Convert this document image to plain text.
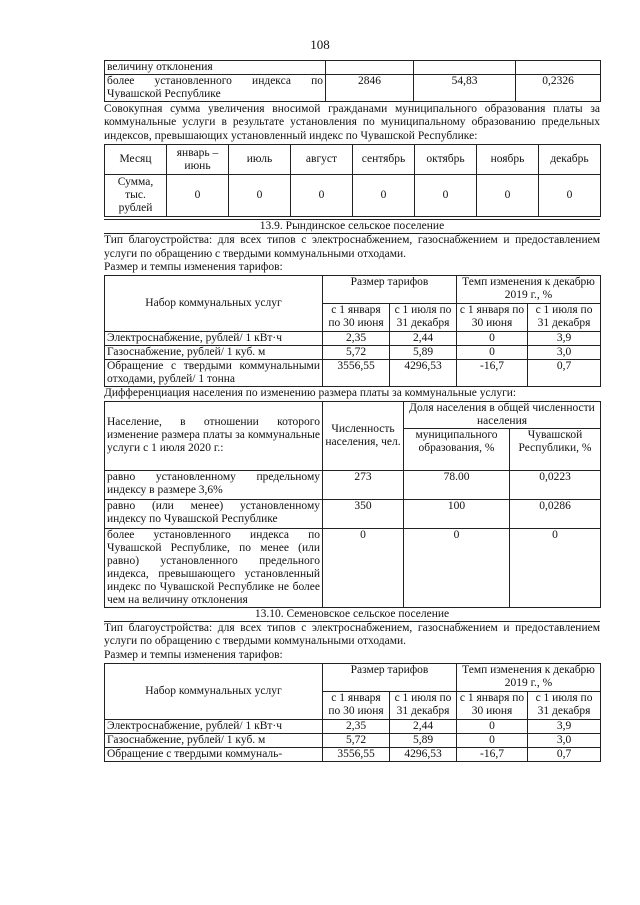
108
величину отклонения			
более установленного индекса по Чувашской Республике	2846	54,83	0,2326
Совокупная сумма увеличения вносимой гражданами муниципального образования платы за коммунальные услуги в результате установления по муниципальному образованию предельных индексов, превышающих установленный индекс по Чувашской Республике:
Месяц	январь – июнь	июль	август	сентябрь	октябрь	ноябрь	декабрь
Сумма, тыс. рублей	0	0	0	0	0	0	0
13.9. Рындинское сельское поселение
Тип благоустройства: для всех типов с электроснабжением, газоснабжением и предоставлением услуги по обращению с твердыми коммунальными отходами.
Размер и темпы изменения тарифов:
Набор коммунальных услуг	Размер тарифов		Темп изменения к декабрю 2019 г., %	
	с 1 января по 30 июня	с 1 июля по 31 декабря	с 1 января по 30 июня	с 1 июля по 31 декабря
Электроснабжение, рублей/ 1 кВт·ч	2,35	2,44	0	3,9
Газоснабжение, рублей/ 1 куб. м	5,72	5,89	0	3,0
Обращение с твердыми коммунальными отходами, рублей/ 1 тонна	3556,55	4296,53	-16,7	0,7
Дифференциация населения по изменению размера платы за коммунальные услуги:
Население, в отношении которого изменение размера платы за коммунальные услуги с 1 июля 2020 г.:	Численность населения, чел.	Доля населения в общей численности населения	
		муниципального образования, %	Чувашской Республики, %
равно установленному предельному индексу в размере 3,6%	273	78.00	0,0223
равно (или менее) установленному индексу по Чувашской Республике	350	100	0,0286
более установленного индекса по Чувашской Республике, по менее (или равно) установленного предельного индекса, превышающего установленный индекс по Чувашской Республике не более чем на величину отклонения	0	0	0
13.10. Семеновское сельское поселение
Тип благоустройства: для всех типов с электроснабжением, газоснабжением и предоставлением услуги по обращению с твердыми коммунальными отходами.
Размер и темпы изменения тарифов:
Набор коммунальных услуг	Размер тарифов		Темп изменения к декабрю 2019 г., %	
	с 1 января по 30 июня	с 1 июля по 31 декабря	с 1 января по 30 июня	с 1 июля по 31 декабря
Электроснабжение, рублей/ 1 кВт·ч	2,35	2,44	0	3,9
Газоснабжение, рублей/ 1 куб. м	5,72	5,89	0	3,0
Обращение с твердыми коммуналь-	3556,55	4296,53	-16,7	0,7
